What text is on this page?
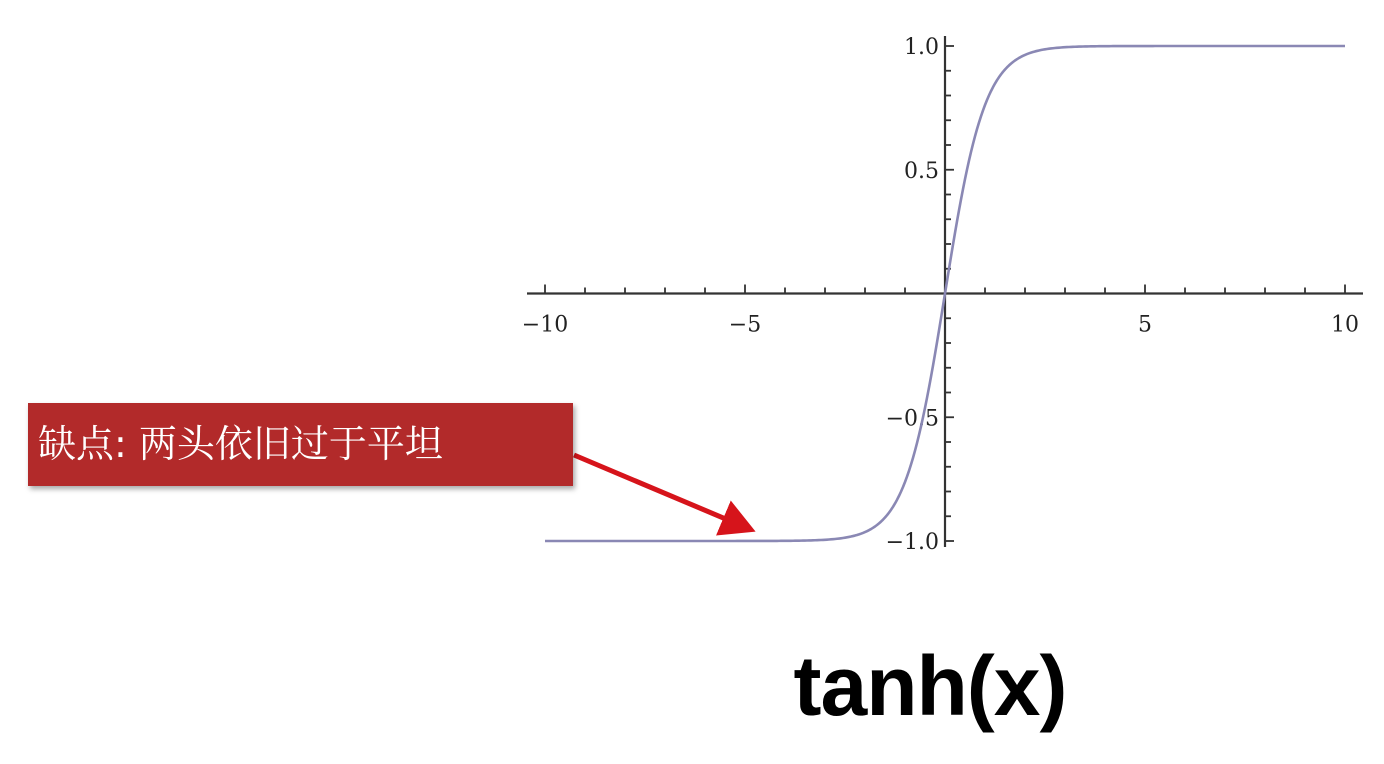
−10	−5	5	10
1.0
0.5
−0.5
−1.0
缺点: 两头依旧过于平坦
tanh(x)
